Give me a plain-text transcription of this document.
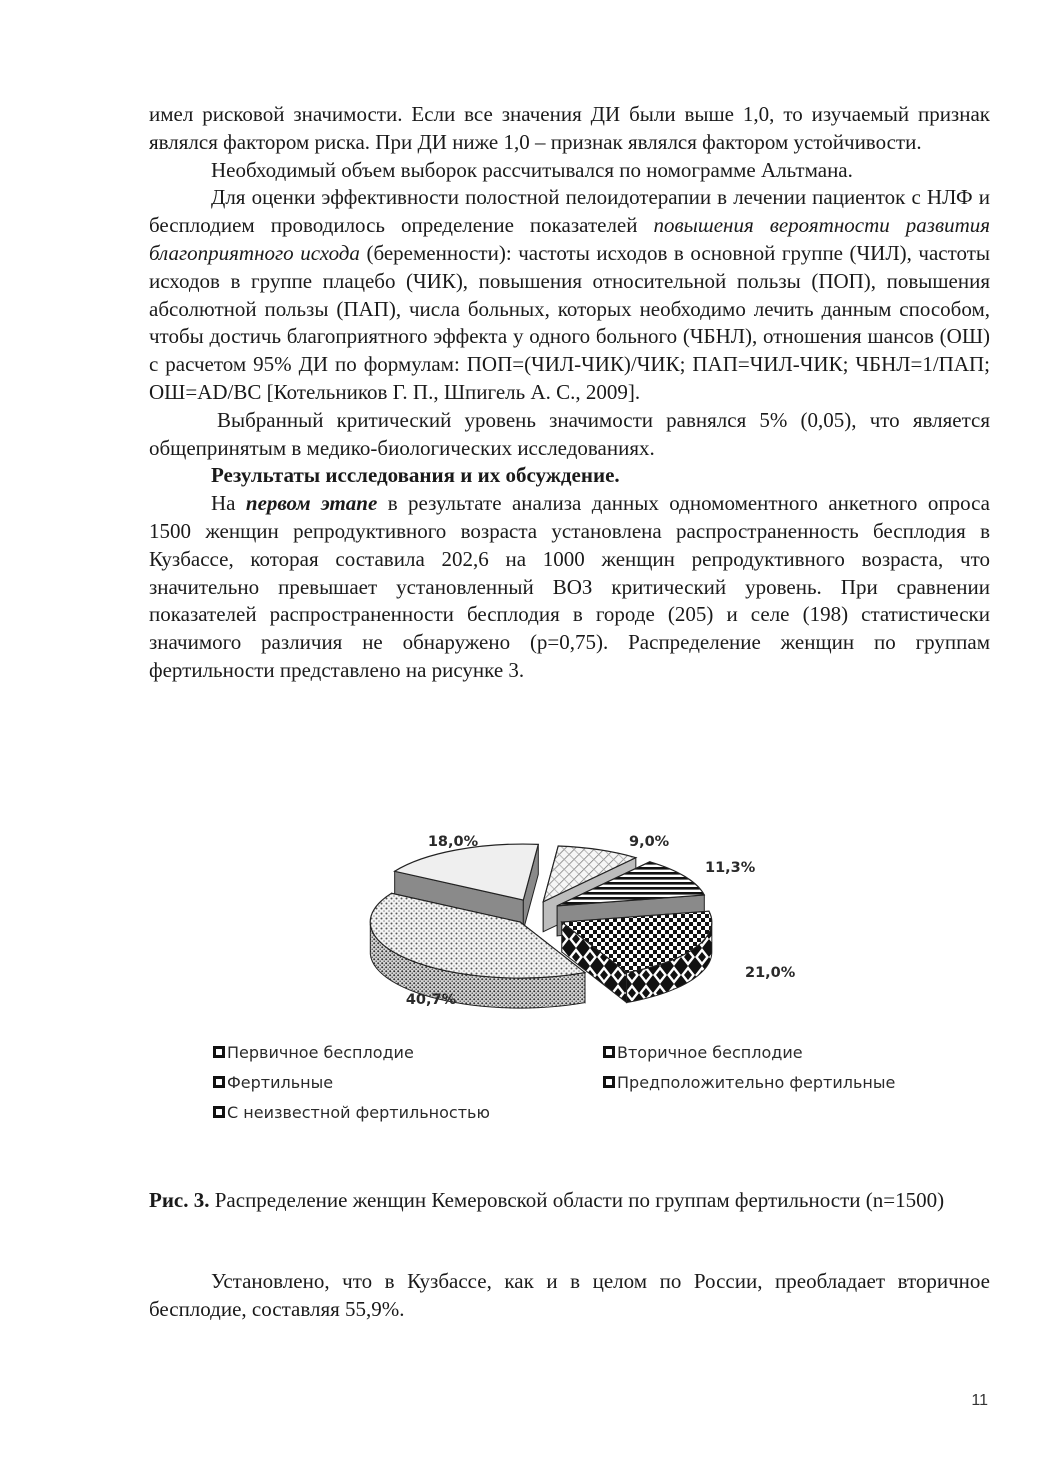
имел рисковой значимости. Если все значения ДИ были выше 1,0, то изучаемый признак являлся фактором риска. При ДИ ниже 1,0 – признак являлся фактором устойчивости.

Необходимый объем выборок рассчитывался по номограмме Альтмана.

Для оценки эффективности полостной пелоидотерапии в лечении пациенток с НЛФ и бесплодием проводилось определение показателей повышения вероятности развития благоприятного исхода (беременности): частоты исходов в основной группе (ЧИЛ), частоты исходов в группе плацебо (ЧИК), повышения относительной пользы (ПОП), повышения абсолютной пользы (ПАП), числа больных, которых необходимо лечить данным способом, чтобы достичь благоприятного эффекта у одного больного (ЧБНЛ), отношения шансов (ОШ) с расчетом 95% ДИ по формулам: ПОП=(ЧИЛ-ЧИК)/ЧИК; ПАП=ЧИЛ-ЧИК; ЧБНЛ=1/ПАП; ОШ=AD/BC [Котельников Г. П., Шпигель А. С., 2009].

Выбранный критический уровень значимости равнялся 5% (0,05), что является общепринятым в медико-биологических исследованиях.

Результаты исследования и их обсуждение.

На первом этапе в результате анализа данных одномоментного анкетного опроса 1500 женщин репродуктивного возраста установлена распространенность бесплодия в Кузбассе, которая составила 202,6 на 1000 женщин репродуктивного возраста, что значительно превышает установленный ВОЗ критический уровень. При сравнении показателей распространенности бесплодия в городе (205) и селе (198) статистически значимого различия не обнаружено (p=0,75). Распределение женщин по группам фертильности представлено на рисунке 3.

9,0%
11,3%
21,0%
40,7%
18,0%
Первичное бесплодие	Вторичное бесплодие
Фертильные	Предположительно фертильные
С неизвестной фертильностью

Рис. 3. Распределение женщин Кемеровской области по группам фертильности (n=1500)

Установлено, что в Кузбассе, как и в целом по России, преобладает вторичное бесплодие, составляя 55,9%.

11
